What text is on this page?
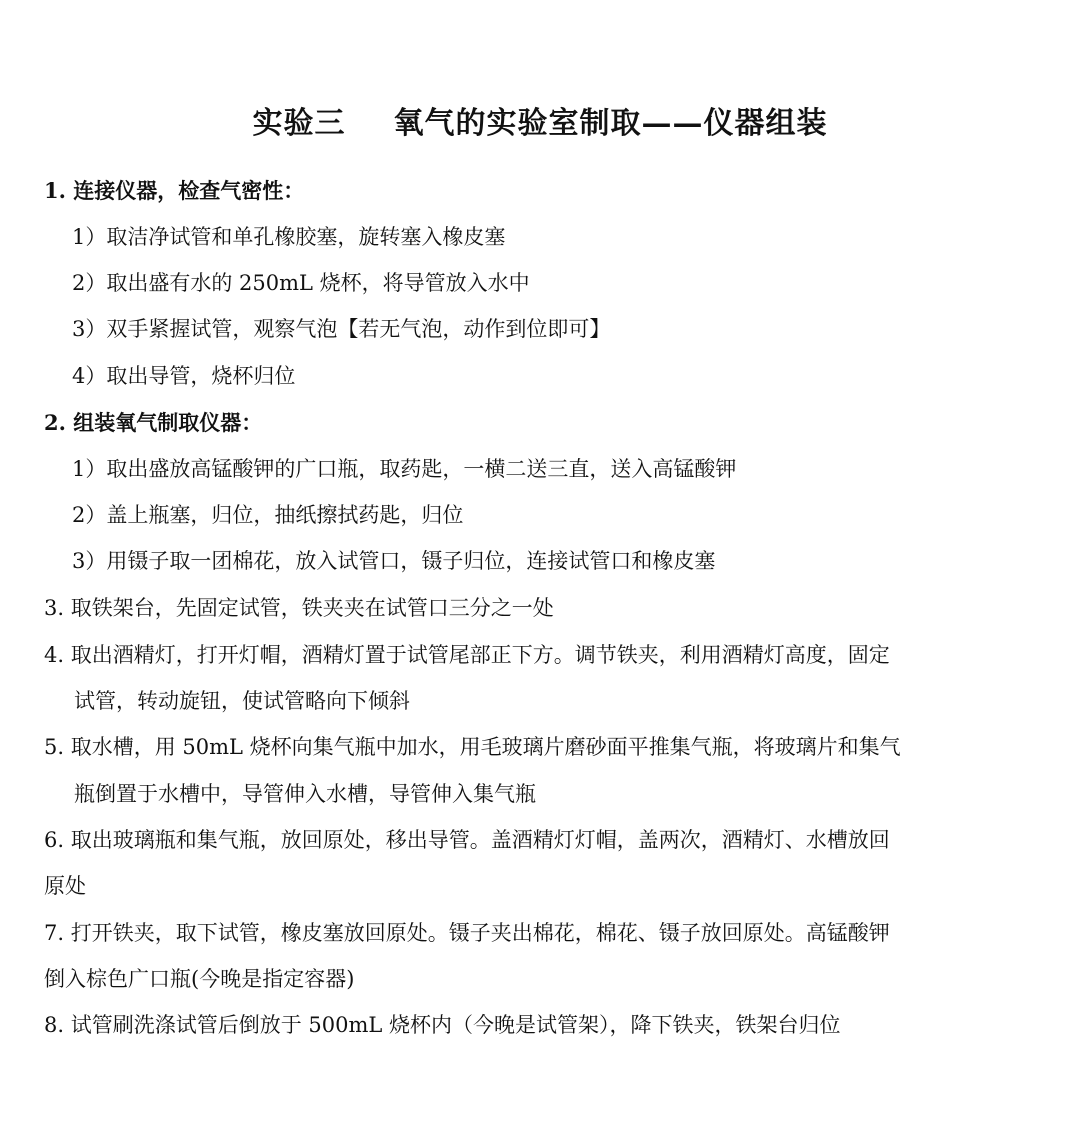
实验三 氧气的实验室制取——仪器组装
1. 连接仪器，检查气密性：
1）取洁净试管和单孔橡胶塞，旋转塞入橡皮塞
2）取出盛有水的 250mL 烧杯，将导管放入水中
3）双手紧握试管，观察气泡【若无气泡，动作到位即可】
4）取出导管，烧杯归位
2. 组装氧气制取仪器：
1）取出盛放高锰酸钾的广口瓶，取药匙，一横二送三直，送入高锰酸钾
2）盖上瓶塞，归位，抽纸擦拭药匙，归位
3）用镊子取一团棉花，放入试管口，镊子归位，连接试管口和橡皮塞
3. 取铁架台，先固定试管，铁夹夹在试管口三分之一处
4. 取出酒精灯，打开灯帽，酒精灯置于试管尾部正下方。调节铁夹，利用酒精灯高度，固定
试管，转动旋钮，使试管略向下倾斜
5. 取水槽，用 50mL 烧杯向集气瓶中加水，用毛玻璃片磨砂面平推集气瓶，将玻璃片和集气
瓶倒置于水槽中，导管伸入水槽，导管伸入集气瓶
6. 取出玻璃瓶和集气瓶，放回原处，移出导管。盖酒精灯灯帽，盖两次，酒精灯、水槽放回
原处
7. 打开铁夹，取下试管，橡皮塞放回原处。镊子夹出棉花，棉花、镊子放回原处。高锰酸钾
倒入棕色广口瓶(今晚是指定容器)
8. 试管刷洗涤试管后倒放于 500mL 烧杯内（今晚是试管架），降下铁夹，铁架台归位
